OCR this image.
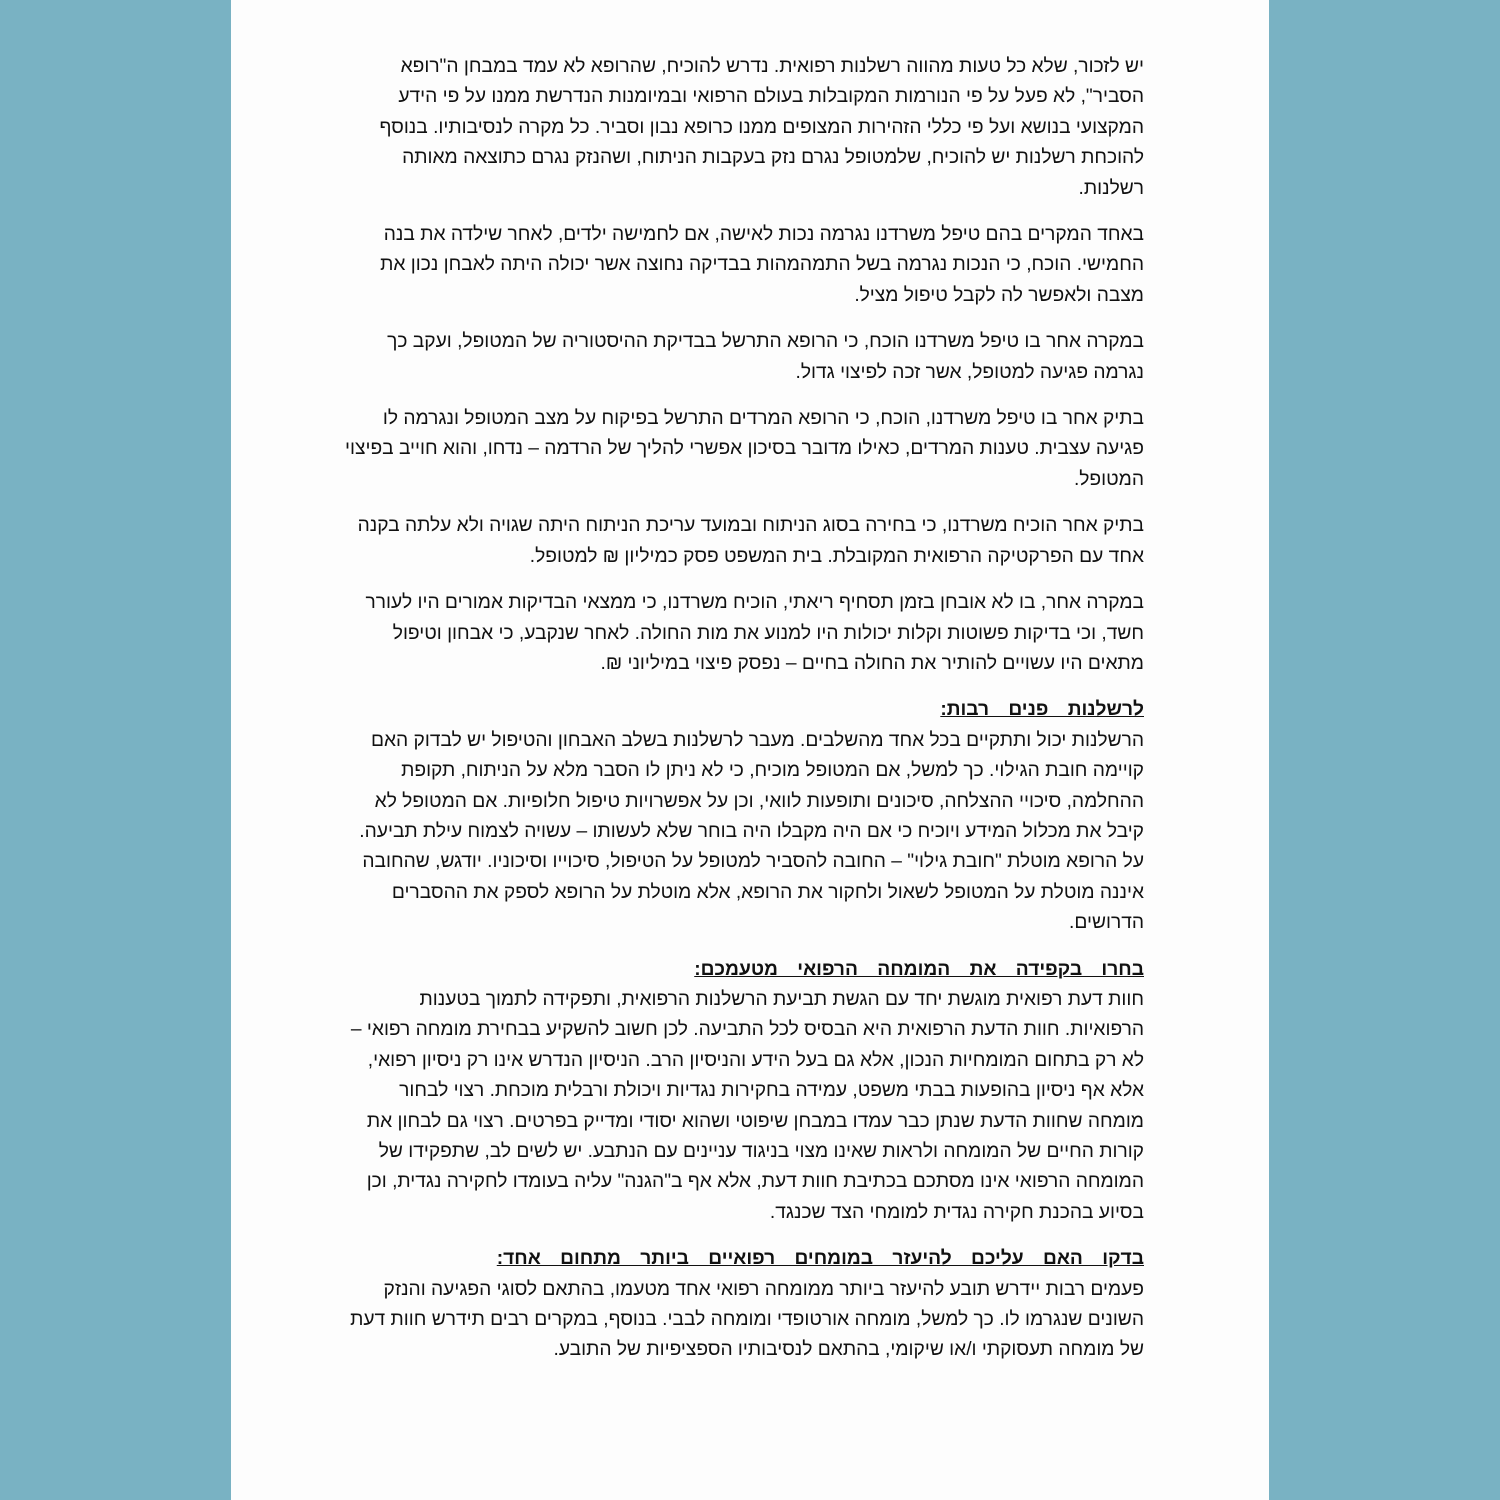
יש לזכור, שלא כל טעות מהווה רשלנות רפואית. נדרש להוכיח, שהרופא לא עמד במבחן ה"רופא הסביר", לא פעל על פי הנורמות המקובלות בעולם הרפואי ובמיומנות הנדרשת ממנו על פי הידע המקצועי בנושא ועל פי כללי הזהירות המצופים ממנו כרופא נבון וסביר. כל מקרה לנסיבותיו. בנוסף להוכחת רשלנות יש להוכיח, שלמטופל נגרם נזק בעקבות הניתוח, ושהנזק נגרם כתוצאה מאותה רשלנות.

באחד המקרים בהם טיפל משרדנו נגרמה נכות לאישה, אם לחמישה ילדים, לאחר שילדה את בנה החמישי. הוכח, כי הנכות נגרמה בשל התמהמהות בבדיקה נחוצה אשר יכולה היתה לאבחן נכון את מצבה ולאפשר לה לקבל טיפול מציל.

במקרה אחר בו טיפל משרדנו הוכח, כי הרופא התרשל בבדיקת ההיסטוריה של המטופל, ועקב כך נגרמה פגיעה למטופל, אשר זכה לפיצוי גדול.

בתיק אחר בו טיפל משרדנו, הוכח, כי הרופא המרדים התרשל בפיקוח על מצב המטופל ונגרמה לו פגיעה עצבית. טענות המרדים, כאילו מדובר בסיכון אפשרי להליך של הרדמה – נדחו, והוא חוייב בפיצוי המטופל.

בתיק אחר הוכיח משרדנו, כי בחירה בסוג הניתוח ובמועד עריכת הניתוח היתה שגויה ולא עלתה בקנה אחד עם הפרקטיקה הרפואית המקובלת. בית המשפט פסק כמיליון ₪ למטופל.

במקרה אחר, בו לא אובחן בזמן תסחיף ריאתי, הוכיח משרדנו, כי ממצאי הבדיקות אמורים היו לעורר חשד, וכי בדיקות פשוטות וקלות יכולות היו למנוע את מות החולה. לאחר שנקבע, כי אבחון וטיפול מתאים היו עשויים להותיר את החולה בחיים – נפסק פיצוי במיליוני ₪.

לרשלנות פנים רבות:

הרשלנות יכול ותתקיים בכל אחד מהשלבים. מעבר לרשלנות בשלב האבחון והטיפול יש לבדוק האם קויימה חובת הגילוי. כך למשל, אם המטופל מוכיח, כי לא ניתן לו הסבר מלא על הניתוח, תקופת ההחלמה, סיכויי ההצלחה, סיכונים ותופעות לוואי, וכן על אפשרויות טיפול חלופיות. אם המטופל לא קיבל את מכלול המידע ויוכיח כי אם היה מקבלו היה בוחר שלא לעשותו – עשויה לצמוח עילת תביעה. על הרופא מוטלת "חובת גילוי" – החובה להסביר למטופל על הטיפול, סיכוייו וסיכוניו. יודגש, שהחובה איננה מוטלת על המטופל לשאול ולחקור את הרופא, אלא מוטלת על הרופא לספק את ההסברים הדרושים.

בחרו בקפידה את המומחה הרפואי מטעמכם:

חוות דעת רפואית מוגשת יחד עם הגשת תביעת הרשלנות הרפואית, ותפקידה לתמוך בטענות הרפואיות. חוות הדעת הרפואית היא הבסיס לכל התביעה. לכן חשוב להשקיע בבחירת מומחה רפואי – לא רק בתחום המומחיות הנכון, אלא גם בעל הידע והניסיון הרב. הניסיון הנדרש אינו רק ניסיון רפואי, אלא אף ניסיון בהופעות בבתי משפט, עמידה בחקירות נגדיות ויכולת ורבלית מוכחת. רצוי לבחור מומחה שחוות הדעת שנתן כבר עמדו במבחן שיפוטי ושהוא יסודי ומדייק בפרטים. רצוי גם לבחון את קורות החיים של המומחה ולראות שאינו מצוי בניגוד עניינים עם הנתבע. יש לשים לב, שתפקידו של המומחה הרפואי אינו מסתכם בכתיבת חוות דעת, אלא אף ב"הגנה" עליה בעומדו לחקירה נגדית, וכן בסיוע בהכנת חקירה נגדית למומחי הצד שכנגד.

בדקו האם עליכם להיעזר במומחים רפואיים ביותר מתחום אחד:

פעמים רבות יידרש תובע להיעזר ביותר ממומחה רפואי אחד מטעמו, בהתאם לסוגי הפגיעה והנזק השונים שנגרמו לו. כך למשל, מומחה אורטופדי ומומחה לבבי. בנוסף, במקרים רבים תידרש חוות דעת של מומחה תעסוקתי ו/או שיקומי, בהתאם לנסיבותיו הספציפיות של התובע.
